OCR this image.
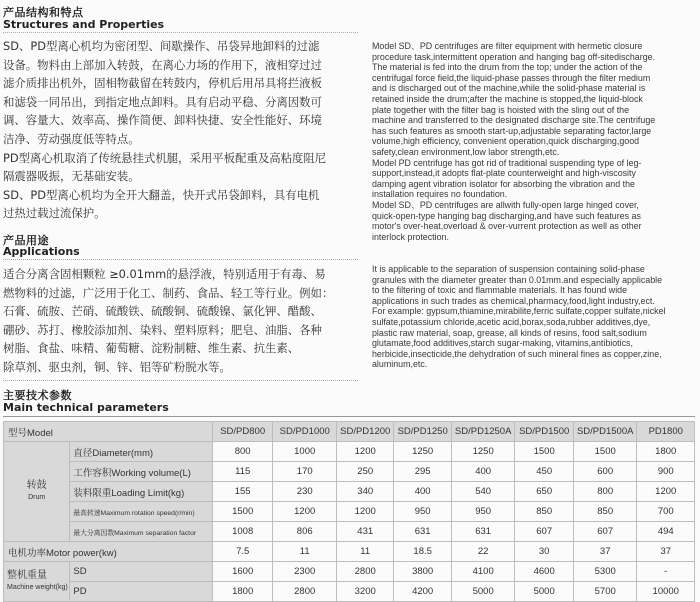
产品结构和特点
Structures and Properties
SD、PD型离心机均为密闭型、间歇操作、吊袋异地卸料的过滤
设备。物料由上部加入转鼓，在离心力场的作用下，液相穿过过
滤介质排出机外，固相物截留在转鼓内，停机后用吊具将拦液板
和滤袋一同吊出，到指定地点卸料。具有启动平稳、分离因数可
调、容量大、效率高、操作简便、卸料快捷、安全性能好、环境
洁净、劳动强度低等特点。
PD型离心机取消了传统悬挂式机腿，采用平板配重及高粘度阻尼
隔震器吸振，无基础安装。
SD、PD型离心机均为全开大翻盖，快开式吊袋卸料，具有电机
过热过载过流保护。
Model SD、PD centrifuges are filter equipment with hermetic closure
procedure task,intermittent operation and hanging bag off-sitedischarge.
The material is fed into the drum from the top; under the action of the
centrifugal force field,the liquid-phase passes through the filter medium
and is discharged out of the machine,while the solid-phase material is
retained inside the drum;after the machine is stopped,the liquid-block
plate together with the filter bag is hoisted with the sling out of the
machine and transferred to the designated discharge site.The centrifuge
has such features as smooth start-up,adjustable separating factor,large
volume,high efficiency, convenient operation,quick discharging,good
safety,clean environment,low labor strength,etc.
Model PD centrifuge has got rid of traditional suspending type of leg-
support,instead,it adopts flat-plate counterweight and high-viscosity
damping agent vibration isolator for absorbing the vibration and the
installation requires no foundation.
Model SD、PD centrifuges are allwith fully-open large hinged cover,
quick-open-type hanging bag discharging,and have such features as
motor's over-heat,overload & over-vurrent protection as well as other
interlock protection.
产品用途
Applications
适合分离含固相颗粒 ≥0.01mm的悬浮液，特别适用于有毒、易
燃物料的过滤，广泛用于化工、制药、食品、轻工等行业。例如：
石膏、硫胺、芒硝、硫酸铁、硫酸铜、硫酸镍、氯化钾、醋酸、
硼砂、苏打、橡胶添加剂、染料、塑料原料；肥皂、油脂、各种
树脂、食盐、味精、葡萄糖、淀粉制糖、维生素、抗生素、
除草剂、驱虫剂，铜、锌、铝等矿粉脱水等。
It is applicable to the separation of suspension containing solid-phase
granules with the diameter greater than 0.01mm.and especially applicable
to the filtering of toxic and flammable materials. It has found wide
applications in such trades as chemical,pharmacy,food,light industry,ect.
For example: gypsum,thiamine,mirabilite,ferric sulfate,copper sulfate,nickel
sulfate,potassium chloride,acetic acid,borax,soda,rubber additives,dye,
plastic raw material, soap, grease, all kinds of resins, food salt,sodium
glutamate,food additives,starch sugar-making, vitamins,antibiotics,
herbicide,insecticide,the dehydration of such mineral fines as copper,zine,
aluminum,etc.
主要技术参数
Main technical parameters
型号Model		SD/PD800	SD/PD1000	SD/PD1200	SD/PD1250	SD/PD1250A	SD/PD1500	SD/PD1500A	PD1800

转鼓
Drum	直径Diameter(mm)	800	1000	1200	1250	1250	1500	1500	1800
	工作容积Working volume(L)	115	170	250	295	400	450	600	900
	装料限重Loading Limit(kg)	155	230	340	400	540	650	800	1200
	最高转速Maximum rotation speed(r/min)	1500	1200	1200	950	950	850	850	700
	最大分离因数Maximum separation factor	1008	806	431	631	631	607	607	494
电机功率Motor power(kw)		7.5	11	11	18.5	22	30	37	37

整机重量
Machine weight(kg)	SD	1600	2300	2800	3800	4100	4600	5300	-
	PD	1800	2800	3200	4200	5000	5000	5700	10000
